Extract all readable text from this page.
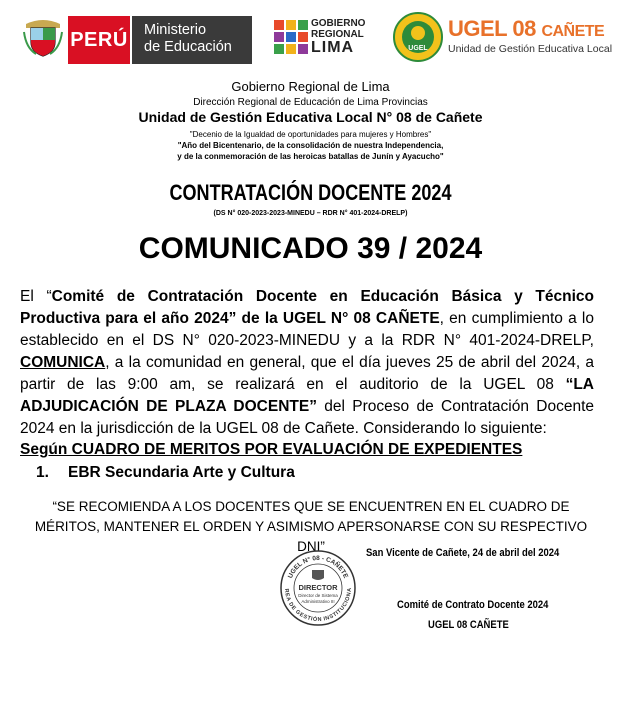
PERÚ Ministerio
de Educación
GOBIERNO
REGIONAL
LIMA	UGEL
UGEL 08 CAÑETE
Unidad de Gestión Educativa Local
Gobierno Regional de Lima
Dirección Regional de Educación de Lima Provincias
Unidad de Gestión Educativa Local N° 08 de Cañete
"Decenio de la Igualdad de oportunidades para mujeres y Hombres"
"Año del Bicentenario, de la consolidación de nuestra Independencia,
y de la conmemoración de las heroicas batallas de Junín y Ayacucho"
CONTRATACIÓN DOCENTE 2024
(DS N° 020-2023-2023-MINEDU – RDR N° 401-2024-DRELP)
COMUNICADO 39 / 2024
El “Comité de Contratación Docente en Educación Básica y Técnico Productiva para el año 2024” de la UGEL N° 08 CAÑETE, en cumplimiento a lo establecido en el DS N° 020-2023-MINEDU y a la RDR N° 401-2024-DRELP, COMUNICA, a la comunidad en general, que el día jueves 25 de abril del 2024, a partir de las 9:00 am, se realizará en el auditorio de la UGEL 08 “LA ADJUDICACIÓN DE PLAZA DOCENTE” del Proceso de Contratación Docente 2024 en la jurisdicción de la UGEL 08 de Cañete. Considerando lo siguiente:
Según CUADRO DE MERITOS POR EVALUACIÓN DE EXPEDIENTES
1. EBR Secundaria Arte y Cultura
“SE RECOMIENDA A LOS DOCENTES QUE SE ENCUENTREN EN EL CUADRO DE MÉRITOS, MANTENER EL ORDEN Y ASIMISMO APERSONARSE CON SU RESPECTIVO DNI”	San Vicente de Cañete, 24 de abril del 2024
UGEL N° 08 - CAÑETE
REA DE GESTIÓN INSTITUCIONA
DIRECTOR
Director de Sistema
Administrativo III	Comité de Contrato Docente 2024
UGEL 08 CAÑETE
